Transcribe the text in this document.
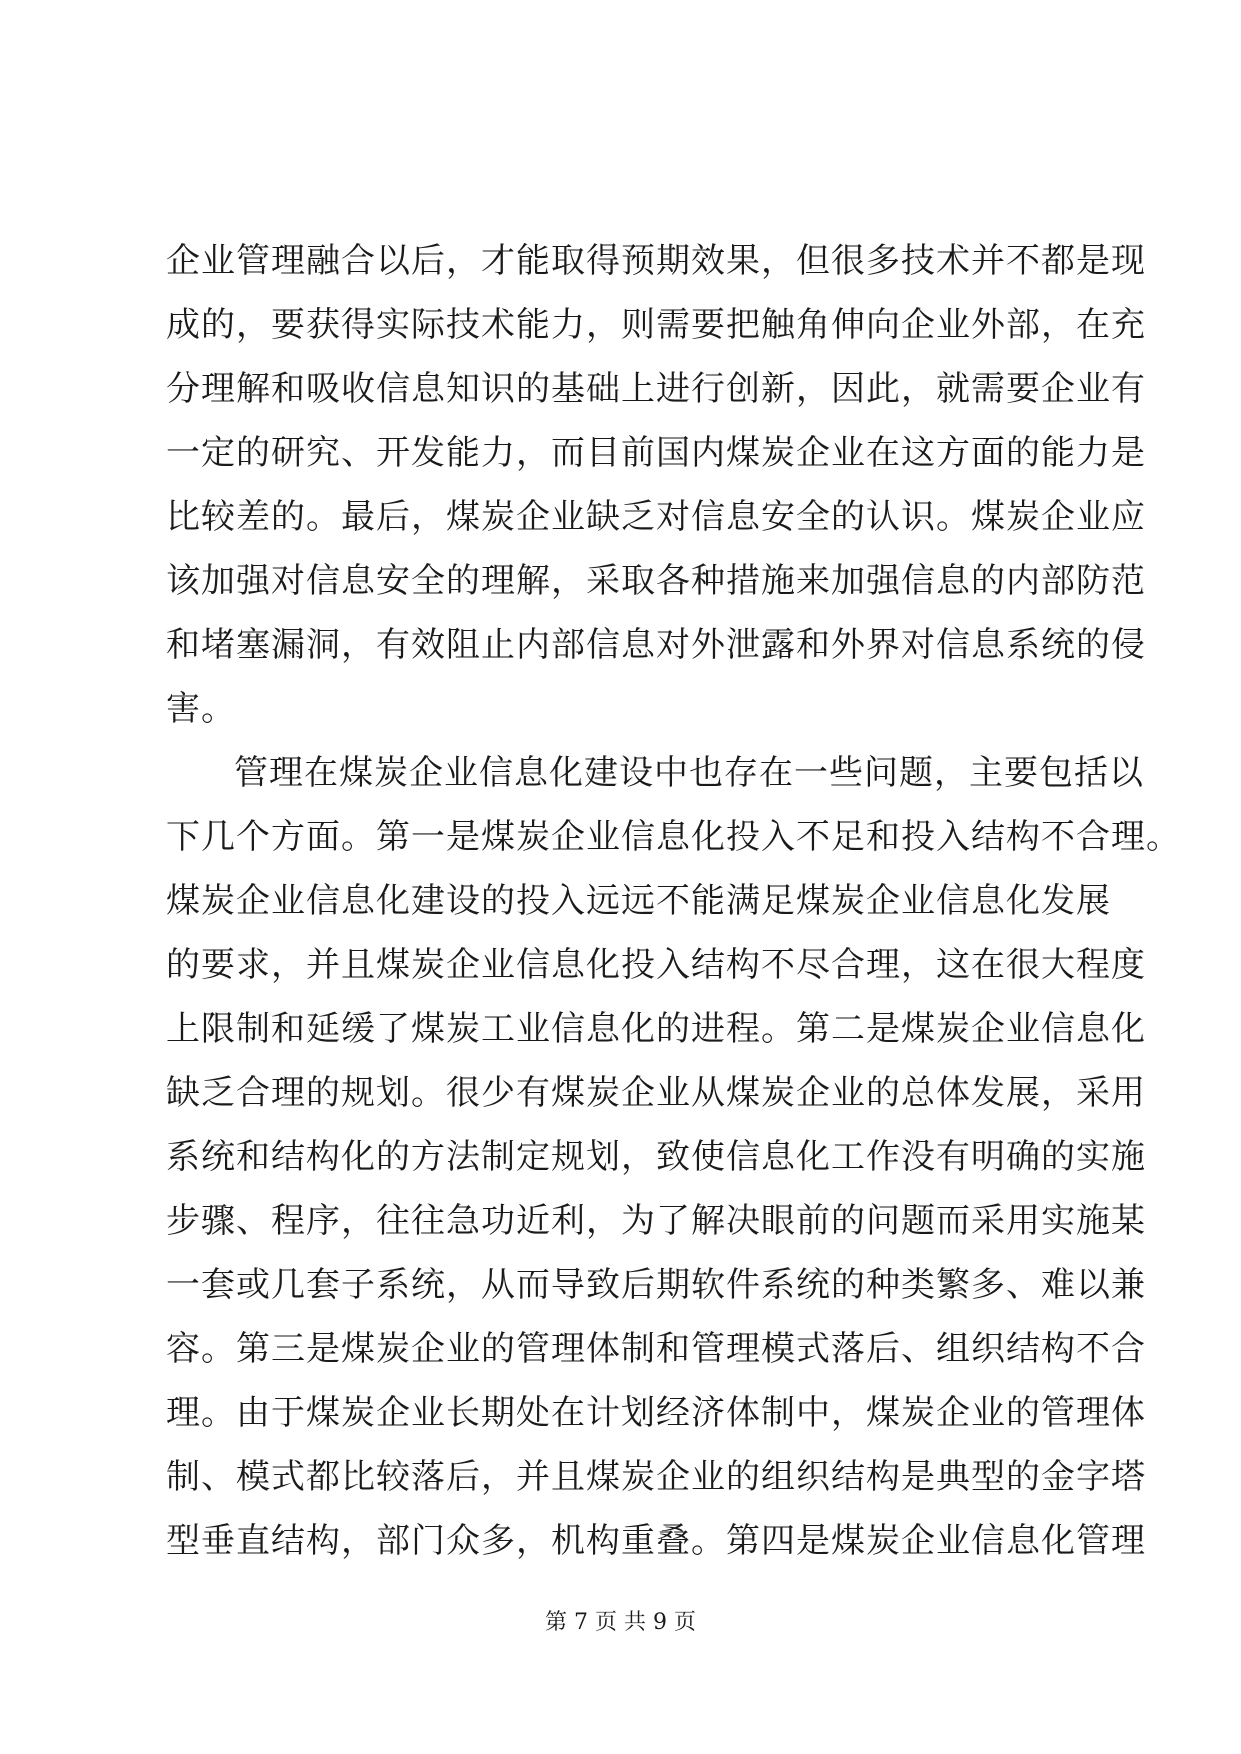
企业管理融合以后，才能取得预期效果，但很多技术并不都是现
成的，要获得实际技术能力，则需要把触角伸向企业外部，在充
分理解和吸收信息知识的基础上进行创新，因此，就需要企业有
一定的研究、开发能力，而目前国内煤炭企业在这方面的能力是
比较差的。最后，煤炭企业缺乏对信息安全的认识。煤炭企业应
该加强对信息安全的理解，采取各种措施来加强信息的内部防范
和堵塞漏洞，有效阻止内部信息对外泄露和外界对信息系统的侵
害。
管理在煤炭企业信息化建设中也存在一些问题，主要包括以
下几个方面。第一是煤炭企业信息化投入不足和投入结构不合理。
煤炭企业信息化建设的投入远远不能满足煤炭企业信息化发展
的要求，并且煤炭企业信息化投入结构不尽合理，这在很大程度
上限制和延缓了煤炭工业信息化的进程。第二是煤炭企业信息化
缺乏合理的规划。很少有煤炭企业从煤炭企业的总体发展，采用
系统和结构化的方法制定规划，致使信息化工作没有明确的实施
步骤、程序，往往急功近利，为了解决眼前的问题而采用实施某
一套或几套子系统，从而导致后期软件系统的种类繁多、难以兼
容。第三是煤炭企业的管理体制和管理模式落后、组织结构不合
理。由于煤炭企业长期处在计划经济体制中，煤炭企业的管理体
制、模式都比较落后，并且煤炭企业的组织结构是典型的金字塔
型垂直结构，部门众多，机构重叠。第四是煤炭企业信息化管理
第 7 页 共 9 页
